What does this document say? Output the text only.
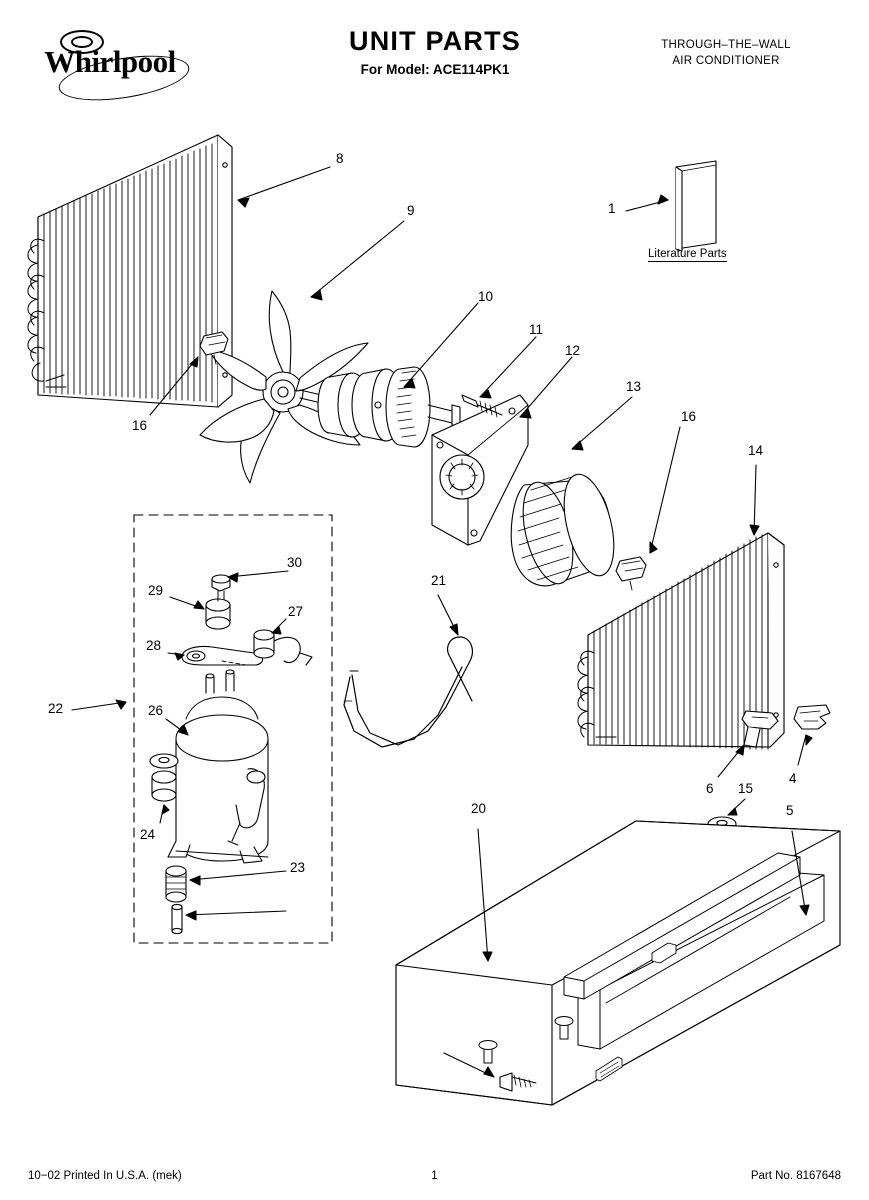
Whirlpool
UNIT PARTS
For Model: ACE114PK1
THROUGH–THE–WALL
AIR CONDITIONER
8
1
9
10
11
12
13
16
14
16
30
29
27
28
21
22	26
24
6 15
4
5
20
23
Literature Parts
10−02 Printed In U.S.A. (mek)	1	Part No. 8167648
